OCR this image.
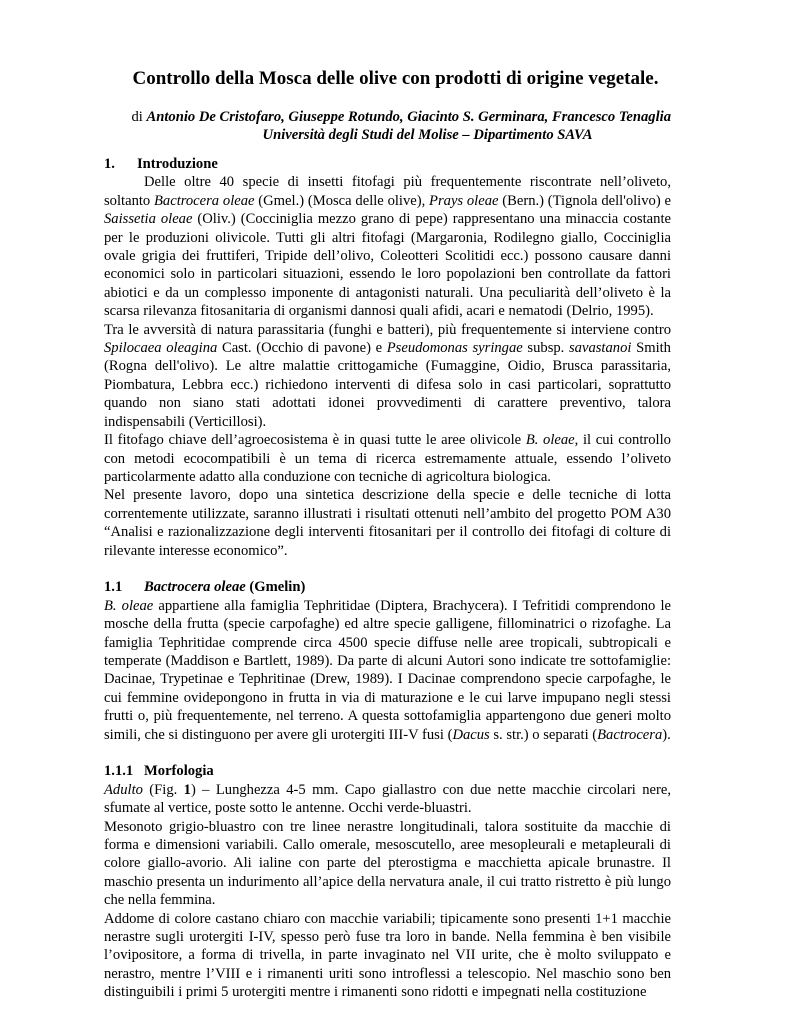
Controllo della Mosca delle olive con prodotti di origine vegetale.
di Antonio De Cristofaro, Giuseppe Rotundo, Giacinto S. Germinara, Francesco Tenaglia
Università degli Studi del Molise – Dipartimento SAVA
1. Introduzione

Delle oltre 40 specie di insetti fitofagi più frequentemente riscontrate nell’oliveto, soltanto Bactrocera oleae (Gmel.) (Mosca delle olive), Prays oleae (Bern.) (Tignola dell'olivo) e Saissetia oleae (Oliv.) (Cocciniglia mezzo grano di pepe) rappresentano una minaccia costante per le produzioni olivicole. Tutti gli altri fitofagi (Margaronia, Rodilegno giallo, Cocciniglia ovale grigia dei fruttiferi, Tripide dell’olivo, Coleotteri Scolitidi ecc.) possono causare danni economici solo in particolari situazioni, essendo le loro popolazioni ben controllate da fattori abiotici e da un complesso imponente di antagonisti naturali. Una peculiarità dell’oliveto è la scarsa rilevanza fitosanitaria di organismi dannosi quali afidi, acari e nematodi (Delrio, 1995).

Tra le avversità di natura parassitaria (funghi e batteri), più frequentemente si interviene contro Spilocaea oleagina Cast. (Occhio di pavone) e Pseudomonas syringae subsp. savastanoi Smith (Rogna dell'olivo). Le altre malattie crittogamiche (Fumaggine, Oidio, Brusca parassitaria, Piombatura, Lebbra ecc.) richiedono interventi di difesa solo in casi particolari, soprattutto quando non siano stati adottati idonei provvedimenti di carattere preventivo, talora indispensabili (Verticillosi).

Il fitofago chiave dell’agroecosistema è in quasi tutte le aree olivicole B. oleae, il cui controllo con metodi ecocompatibili è un tema di ricerca estremamente attuale, essendo l’oliveto particolarmente adatto alla conduzione con tecniche di agricoltura biologica.

Nel presente lavoro, dopo una sintetica descrizione della specie e delle tecniche di lotta correntemente utilizzate, saranno illustrati i risultati ottenuti nell’ambito del progetto POM A30 “Analisi e razionalizzazione degli interventi fitosanitari per il controllo dei fitofagi di colture di rilevante interesse economico”.

1.1 Bactrocera oleae (Gmelin)

B. oleae appartiene alla famiglia Tephritidae (Diptera, Brachycera). I Tefritidi comprendono le mosche della frutta (specie carpofaghe) ed altre specie galligene, fillominatrici o rizofaghe. La famiglia Tephritidae comprende circa 4500 specie diffuse nelle aree tropicali, subtropicali e temperate (Maddison e Bartlett, 1989). Da parte di alcuni Autori sono indicate tre sottofamiglie: Dacinae, Trypetinae e Tephritinae (Drew, 1989). I Dacinae comprendono specie carpofaghe, le cui femmine ovidepongono in frutta in via di maturazione e le cui larve impupano negli stessi frutti o, più frequentemente, nel terreno. A questa sottofamiglia appartengono due generi molto simili, che si distinguono per avere gli urotergiti III-V fusi (Dacus s. str.) o separati (Bactrocera).

1.1.1 Morfologia

Adulto (Fig. 1) – Lunghezza 4-5 mm. Capo giallastro con due nette macchie circolari nere, sfumate al vertice, poste sotto le antenne. Occhi verde-bluastri.

Mesonoto grigio-bluastro con tre linee nerastre longitudinali, talora sostituite da macchie di forma e dimensioni variabili. Callo omerale, mesoscutello, aree mesopleurali e metapleurali di colore giallo-avorio. Ali ialine con parte del pterostigma e macchietta apicale brunastre. Il maschio presenta un indurimento all’apice della nervatura anale, il cui tratto ristretto è più lungo che nella femmina.

Addome di colore castano chiaro con macchie variabili; tipicamente sono presenti 1+1 macchie nerastre sugli urotergiti I-IV, spesso però fuse tra loro in bande. Nella femmina è ben visibile l’ovipositore, a forma di trivella, in parte invaginato nel VII urite, che è molto sviluppato e nerastro, mentre l’VIII e i rimanenti uriti sono introflessi a telescopio. Nel maschio sono ben distinguibili i primi 5 urotergiti mentre i rimanenti sono ridotti e impegnati nella costituzione
